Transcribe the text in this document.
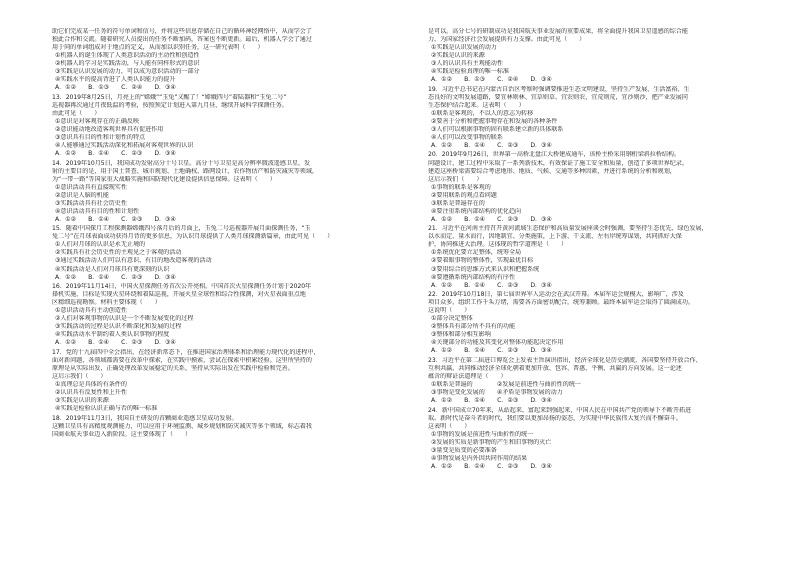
助它们完成某一任务的符号单词和信号，并将这些信息存储在自己的循环神经网络中，从而学会了
独此合作和交流。随着研究人员提出的任务不断加码，答案也不断更新。最后，机器人学会了通过
用于同的单词组成对于地点的定义，从而加以识别任务，这一研究表明（　　）
①机器人的诞生体现了人类意识活动的主动性和创造性
②机器人的学习是实践活动，与人能有同样形式的意识
③实践是认识发展的动力，可以成为意识活动的一部分
④实践水平的提高背进了人类认识能力的提升
A．①②　　B．①③　　C．②④　　D．③④
13．2019年8月25日，月亮上的“嫦娥”“玉兔”又醒了！“嫦娥四号”着陆器和“玉兔二号”
巡视器再次通过月夜低温的考验，按照预定计划进入第九月昼，继续开展科学探测任务。
由此可见（　　）
①意识是对客观存在的正确反映
②意识能动地改造客观世界具有促进作用
③意识具有目的性和计划性的特点
④人能够通过实践活动深化和拓展对客观世界的认识
A．①②　　B．①④　　C．②③　　D．③④
14．2019年10月5日，我国成功发射高分十号卫星。高分十号卫星是高分辨率微波遥感卫星，发
射的主要目的是，用于国土普查、城市规划、土地确权、路网设计、农作物估产和防灾减灾等领域，
为“一带一路”等国家重大战略实施和国防现代化建设提供信息保障。这表明（　　）
①意识活动具有直接现实性
②意识是人脑的机能
③实践活动具有社会历史性
④意识活动具有目的性和计划性
A．①②　　B．①④　　C．②③　　D．③④
15．随着中国探月工程探测器嫦娥四号落月后的月面上，玉兔二号巡视器开展月面探测任务，“玉
兔二号”在月球表面成功获得月背的更多信息，为认识月球提供了人类月球探测新篇章，由此可见（　　）
①人们对月球的认识是永无止境的
②实践具有社会历史性的主观见之于客观的活动
③通过实践活动人们可以有意识、有目的地改造客观的活动
④实践活动是人们对月球具有更深刻的认识
A．①②　　B．①④　　C．②③　　D．③④
16．2019年11月14日，中国火星探测任务首次公开亮相。中国首次火星探测任务计划于2020年
择机实施，目标是实现火星环绕和着陆巡视，开展火星全球性和综合性探测，对火星表面重点地
区精细巡视勘察。材料主要体现（　　）
①意识活动具有主动创造性
②人们对客观事物的认识是一个不断发展变化的过程
③实践活动的过程是认识不断深化和发展的过程
④实践活动水平制约着人类认识事物的程度
A．①②　　B．①④　　C．②③　　D．③④
17．党的十九届四中全会指出，在经济新常态下，在推进国家治理体系和治理能力现代化的进程中，
面对新问题，各领域都需要在改革中探索，在实践中摸索，尝试在探索中积累经验。这里所坚持的
原理是从实际出发，正确处理改革发展稳定的关系，坚持从实际出发在实践中检验和完善。
这启示我们（　　）
①真理总是具体的有条件的
②认识具有反复性和上升性
③实践是认识的来源
④实践是检验认识正确与否的唯一标准
18．2019年11月3日，我国自主研发的首颗商业遥感卫星成功发射。
这颗卫星具有高精度观测能力，可以应用于环境监测、城乡规划和防灾减灾等多个领域，标志着我
国商业航天事业迈入新阶段。这主要体现了（　　）
是可以。高分七号的研制成功是我国航天事业发展的重要成果，将全面提升我国卫星遥感的综合能
力，为国家经济社会发展提供有力支撑。由此可见（　　）
①实践是认识发展的动力
②实践是认识的来源
③人的认识具有主观能动性
④实践是检验真理的唯一标准
A．①②　　B．①③　　C．②④　　D．③④
19．习近平总书记在内蒙古自治区考察时强调要推进生态文明建设，坚持生产发展、生活富裕、生
态良好的文明发展道路，要宜林则林、宜草则草、宜农则农、宜荒则荒，宜沙则沙，把产业发展同
生态保护结合起来。这表明（　　）
①联系是客观的，不以人的意志为转移
②要善于分析和把握事物存在和发展的各种条件
③人们可以根据事物的固有联系建立新的具体联系
④人们可以改变事物的联系
A．①②　　B．①④　　C．②③　　D．③④
20．2019年9月26日，世界第一高桥北盘江大桥建成通车，该桥主桥采用钢桁梁斜拉桥结构。
问题设计，建工过程中采取了一系列新技术，有效保证了施工安全和质量，创造了多项世界纪录。
建造这座桥梁需要综合考虑地形、地质、气候、交通等多种因素，并进行系统的分析和规划，
这启示我们（　　）
①事物的联系是客观的
②要用联系的观点看问题
③联系是普遍存在的
④要注重系统内部结构的优化趋向
A．①②　　B．①④　　C．②③　　D．③④
21．习近平在河南主持召开黄河流域生态保护和高质量发展座谈会时强调，要坚持生态优先、绿色发展，
以水而定、量水而行，因地制宜、分类施策，上下游、干支流、左右岸统筹谋划，共同抓好大保
护，协同推进大治理。这体现的哲学道理是（　　）
①系统优化要立足整体，统筹全局
②要着眼事物的整体性，实现最优目标
③要用综合的思维方式来认识和把握系统
④要遵循系统内部结构的有序性
A．①②　　B．①④　　C．②③　　D．③④
22．2019年10月18日，第七届世界军人运动会在武汉开幕。本届军运会规模大、影响广，涉及
项目众多，组织工作千头万绪，需要各方面密切配合，统筹兼顾。最终本届军运会取得了圆满成功。
这说明（　　）
①部分决定整体
②整体具有部分所不具有的功能
③整体和部分相互影响
④关键部分的功能及其变化对整体功能起决定作用
A．①②　　B．①④　　C．②③　　D．③④
23．习近平在第二届进口博览会上发表主旨演讲指出，经济全球化是历史潮流，各国要坚持开放合作、
互利共赢，共同推动经济全球化朝着更加开放、包容、普惠、平衡、共赢的方向发展。这一论述
蕴含的辩证法道理是（　　）
①联系是普遍的　　　　②发展是前进性与曲折性的统一
③事物是变化发展的　　④矛盾是事物发展的动力
A．①②　　B．①④　　C．②③　　D．③④
24．新中国成立70年来，从站起来、富起来到强起来，中国人民在中国共产党的领导下不断开拓进
取。新时代是奋斗者的时代，我们要以更加昂扬的姿态，为实现中华民族伟大复兴而不懈奋斗。
这表明（　　）
①事物的发展是前进性与曲折性的统一
②发展的实质是新事物的产生和旧事物的灭亡
③量变是质变的必要准备
④事物发展是内外因共同作用的结果
A．①②　　B．①④　　C．②③　　D．③④
